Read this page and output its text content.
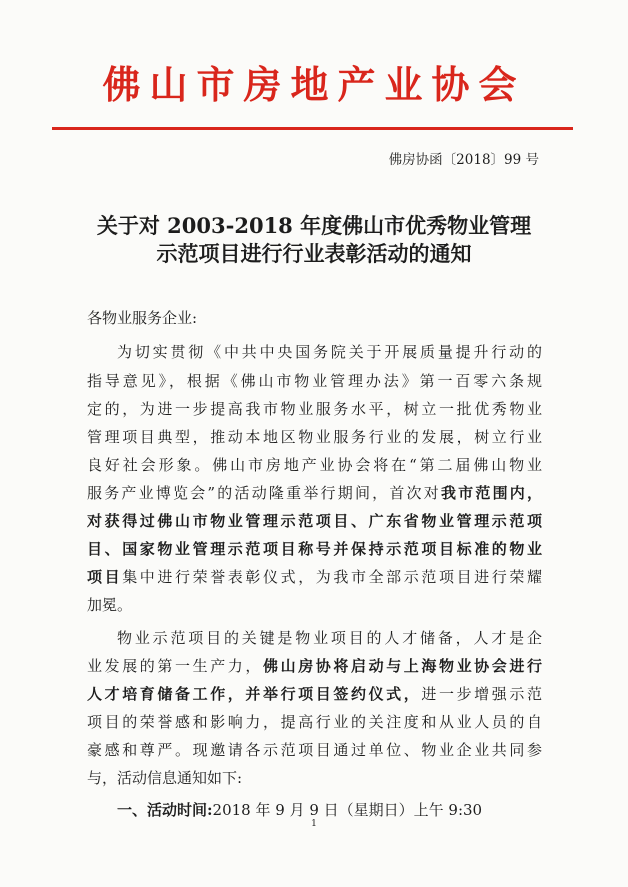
佛山市房地产业协会
佛房协函〔2018〕99 号
关于对 2003-2018 年度佛山市优秀物业管理
示范项目进行行业表彰活动的通知
各物业服务企业:
为切实贯彻《中共中央国务院关于开展质量提升行动的
指导意见》，根据《佛山市物业管理办法》第一百零六条规
定的，为进一步提高我市物业服务水平，树立一批优秀物业
管理项目典型，推动本地区物业服务行业的发展，树立行业
良好社会形象。佛山市房地产业协会将在“第二届佛山物业
服务产业博览会”的活动隆重举行期间，首次对我市范围内，
对获得过佛山市物业管理示范项目、广东省物业管理示范项
目、国家物业管理示范项目称号并保持示范项目标准的物业
项目集中进行荣誉表彰仪式，为我市全部示范项目进行荣耀
加冕。
物业示范项目的关键是物业项目的人才储备，人才是企
业发展的第一生产力，佛山房协将启动与上海物业协会进行
人才培育储备工作，并举行项目签约仪式，进一步增强示范
项目的荣誉感和影响力，提高行业的关注度和从业人员的自
豪感和尊严。现邀请各示范项目通过单位、物业企业共同参
与，活动信息通知如下:
一、活动时间:2018 年 9 月 9 日（星期日）上午 9:30
1
